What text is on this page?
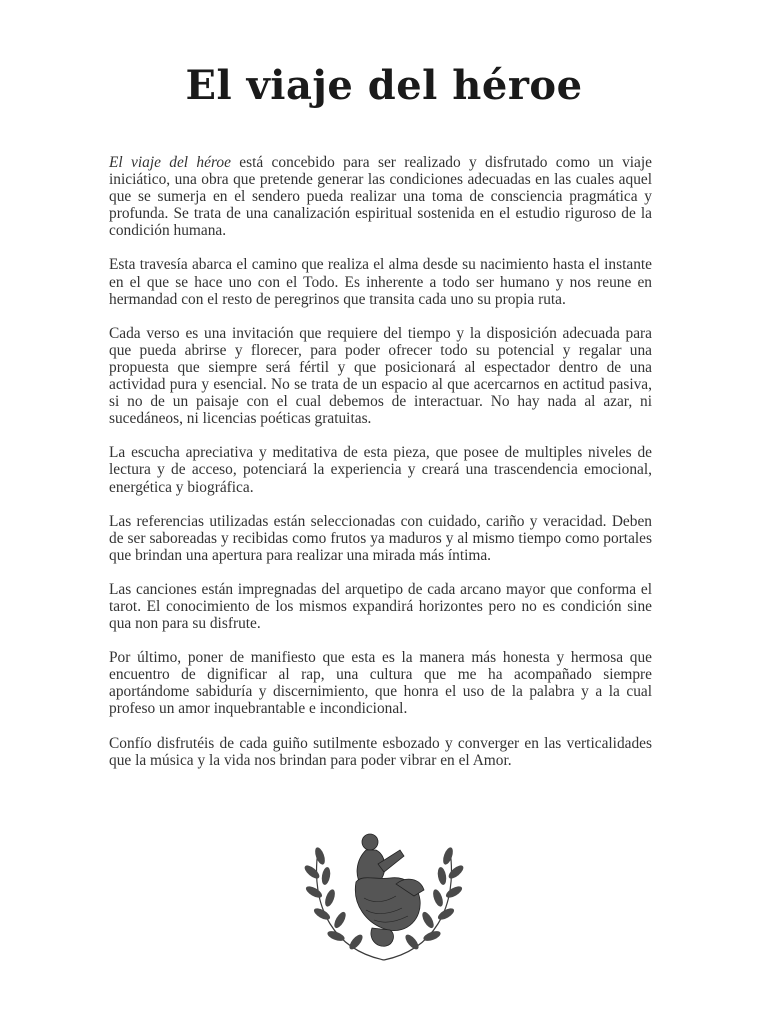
El viaje del héroe

El viaje del héroe está concebido para ser realizado y disfrutado como un viaje iniciático, una obra que pretende generar las condiciones adecuadas en las cuales aquel que se sumerja en el sendero pueda realizar una toma de consciencia pragmática y profunda. Se trata de una canalización espiritual sostenida en el estudio riguroso de la condición humana.

Esta travesía abarca el camino que realiza el alma desde su nacimiento hasta el instante en el que se hace uno con el Todo. Es inherente a todo ser humano y nos reune en hermandad con el resto de peregrinos que transita cada uno su propia ruta.

Cada verso es una invitación que requiere del tiempo y la disposición adecuada para que pueda abrirse y florecer, para poder ofrecer todo su potencial y regalar una propuesta que siempre será fértil y que posicionará al espectador dentro de una actividad pura y esencial. No se trata de un espacio al que acercarnos en actitud pasiva, si no de un paisaje con el cual debemos de interactuar. No hay nada al azar, ni sucedáneos, ni licencias poéticas gratuitas.

La escucha apreciativa y meditativa de esta pieza, que posee de multiples niveles de lectura y de acceso, potenciará la experiencia y creará una trascendencia emocional, energética y biográfica.

Las referencias utilizadas están seleccionadas con cuidado, cariño y veracidad. Deben de ser saboreadas y recibidas como frutos ya maduros y al mismo tiempo como portales que brindan una apertura para realizar una mirada más íntima.

Las canciones están impregnadas del arquetipo de cada arcano mayor que conforma el tarot. El conocimiento de los mismos expandirá horizontes pero no es condición sine qua non para su disfrute.

Por último, poner de manifiesto que esta es la manera más honesta y hermosa que encuentro de dignificar al rap, una cultura que me ha acompañado siempre aportándome sabiduría y discernimiento, que honra el uso de la palabra y a la cual profeso un amor inquebrantable e incondicional.

Confío disfrutéis de cada guiño sutilmente esbozado y converger en las verticalidades que la música y la vida nos brindan para poder vibrar en el Amor.
